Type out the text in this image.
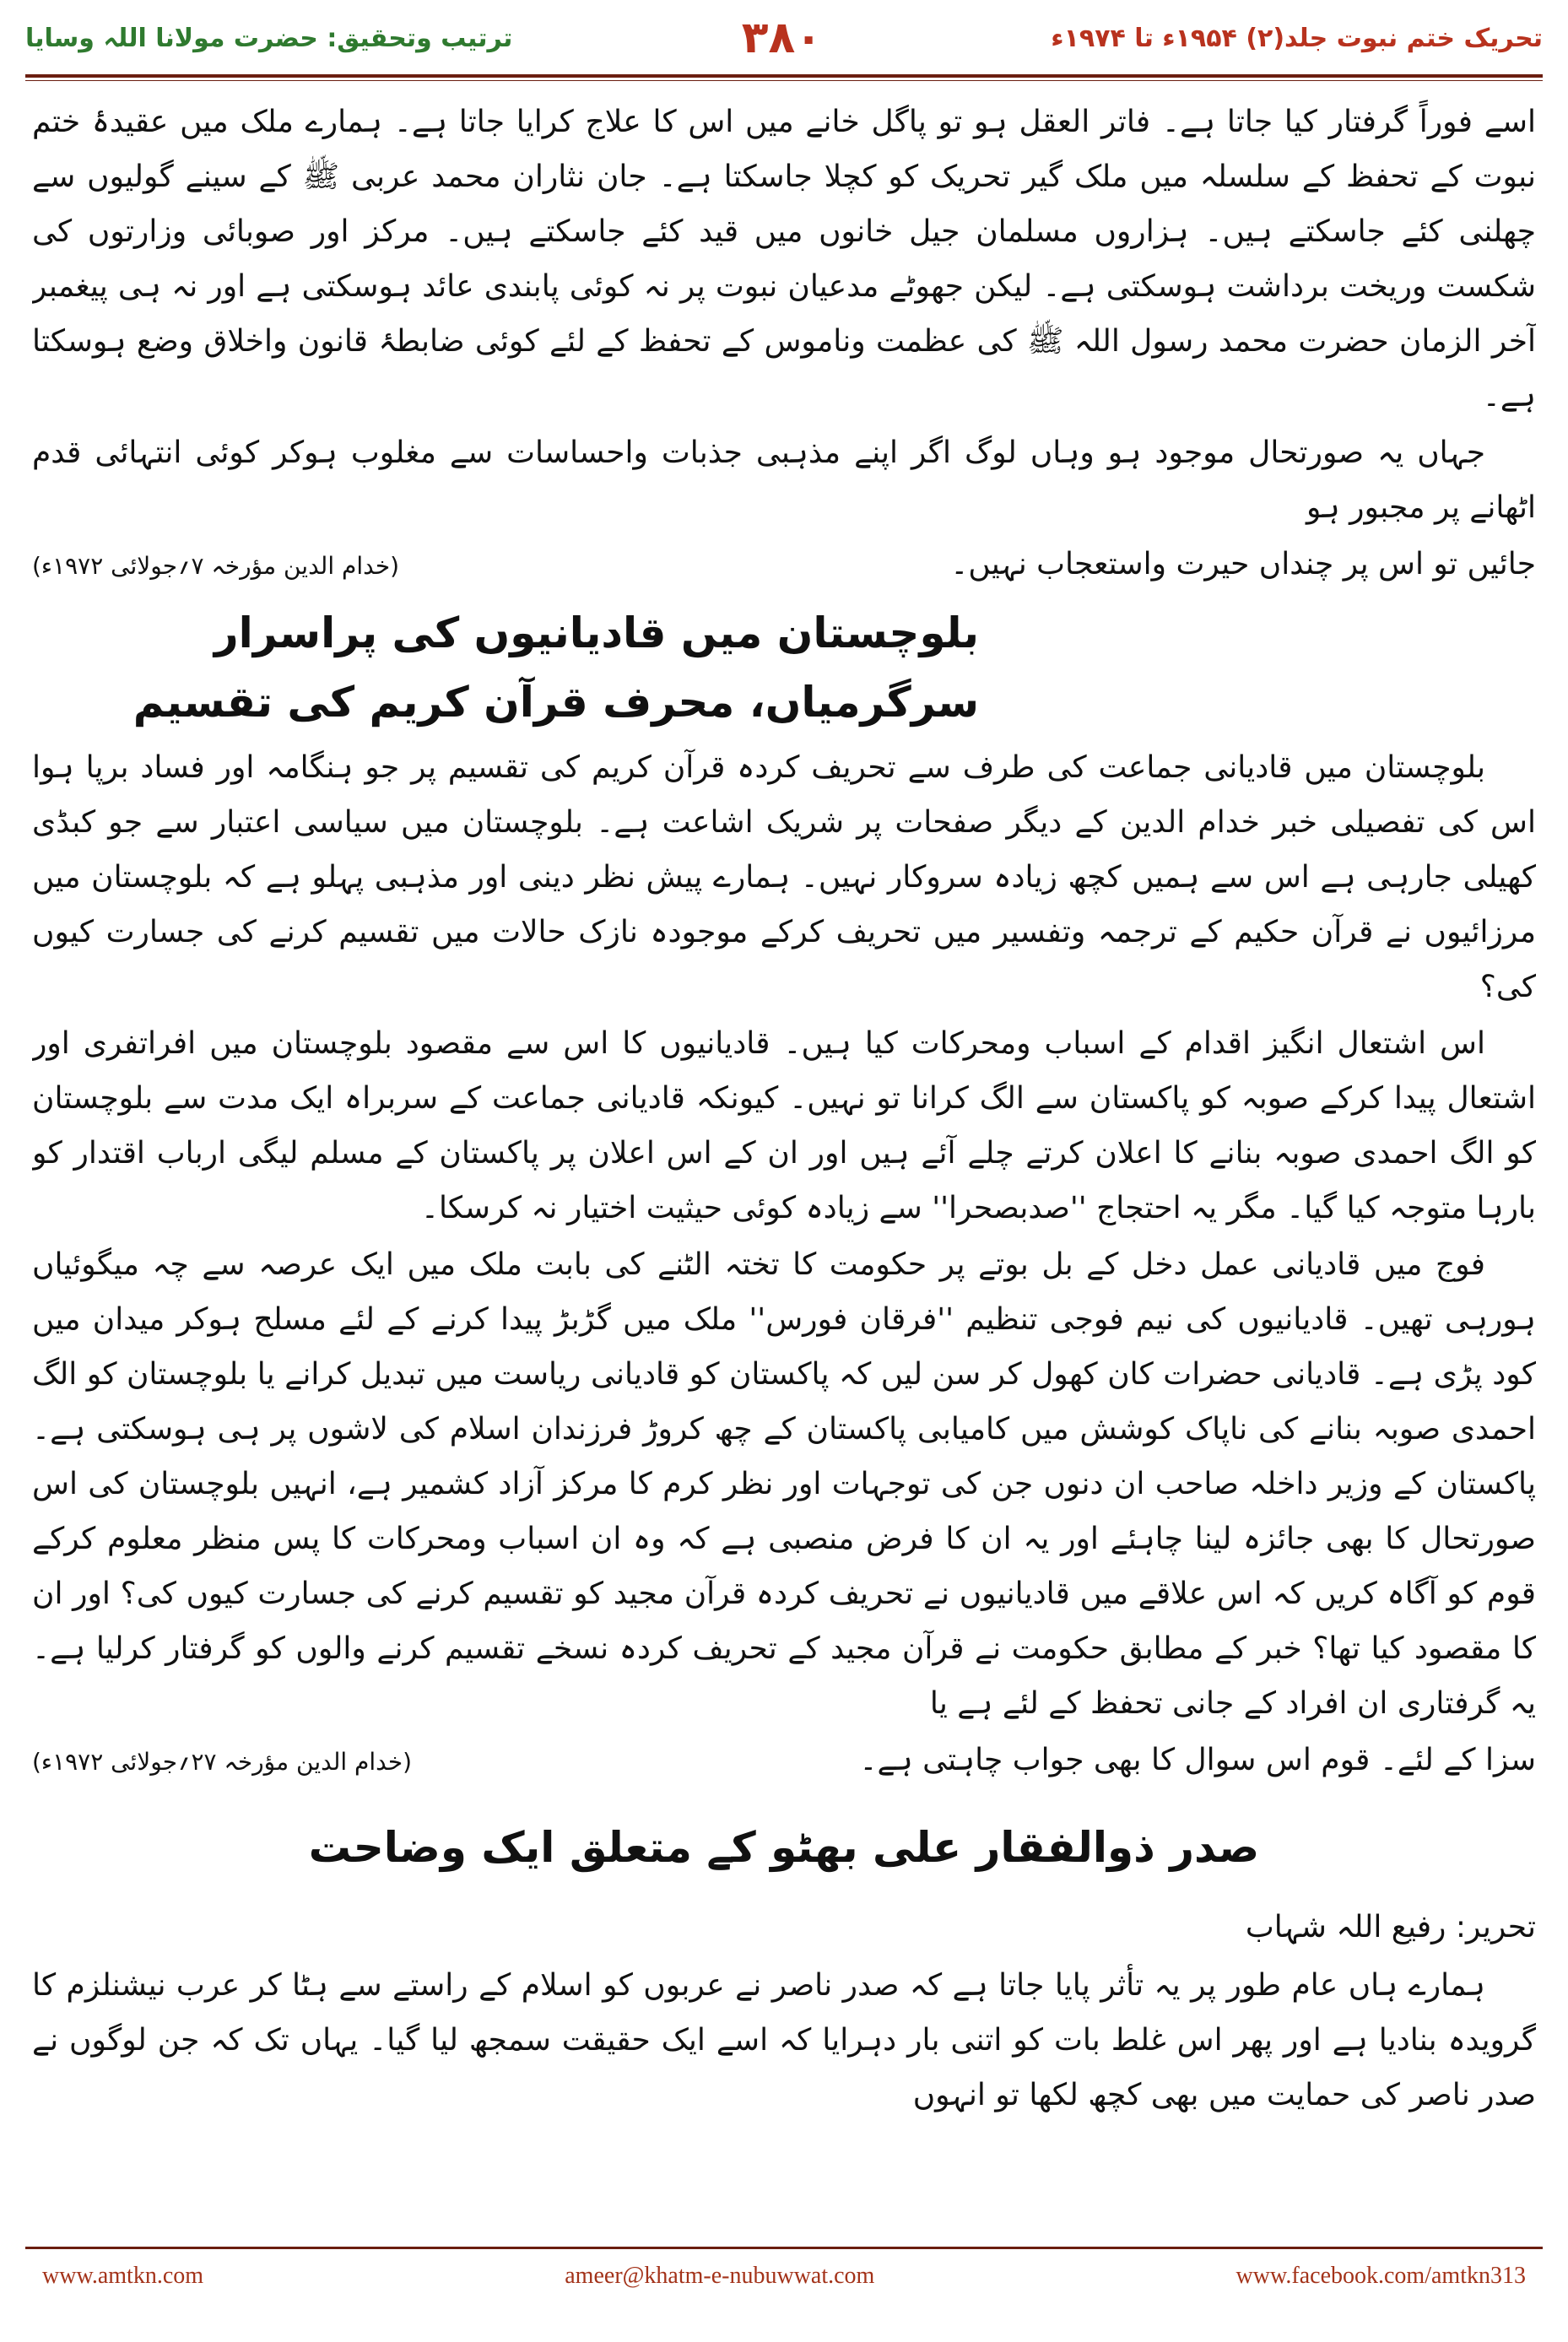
ترتیب وتحقیق: حضرت مولانا اللہ وسایا	۳۸۰	تحریک ختم نبوت جلد(۲) ۱۹۵۴ء تا ۱۹۷۴ء

اسے فوراً گرفتار کیا جاتا ہے۔ فاتر العقل ہو تو پاگل خانے میں اس کا علاج کرایا جاتا ہے۔ ہمارے ملک میں عقیدۂ ختم نبوت کے تحفظ کے سلسلہ میں ملک گیر تحریک کو کچلا جاسکتا ہے۔ جان نثاران محمد عربی ﷺ کے سینے گولیوں سے چھلنی کئے جاسکتے ہیں۔ ہزاروں مسلمان جیل خانوں میں قید کئے جاسکتے ہیں۔ مرکز اور صوبائی وزارتوں کی شکست وریخت برداشت ہوسکتی ہے۔ لیکن جھوٹے مدعیان نبوت پر نہ کوئی پابندی عائد ہوسکتی ہے اور نہ ہی پیغمبر آخر الزمان حضرت محمد رسول اللہ ﷺ کی عظمت وناموس کے تحفظ کے لئے کوئی ضابطۂ قانون واخلاق وضع ہوسکتا ہے۔

جہاں یہ صورتحال موجود ہو وہاں لوگ اگر اپنے مذہبی جذبات واحساسات سے مغلوب ہوکر کوئی انتہائی قدم اٹھانے پر مجبور ہو

جائیں تو اس پر چنداں حیرت واستعجاب نہیں۔
(خدام الدین مؤرخہ ۷؍جولائی ۱۹۷۲ء)
بلوچستان میں قادیانیوں کی پراسرار سرگرمیاں، محرف قرآن کریم کی تقسیم

بلوچستان میں قادیانی جماعت کی طرف سے تحریف کردہ قرآن کریم کی تقسیم پر جو ہنگامہ اور فساد برپا ہوا اس کی تفصیلی خبر خدام الدین کے دیگر صفحات پر شریک اشاعت ہے۔ بلوچستان میں سیاسی اعتبار سے جو کبڈی کھیلی جارہی ہے اس سے ہمیں کچھ زیادہ سروکار نہیں۔ ہمارے پیش نظر دینی اور مذہبی پہلو ہے کہ بلوچستان میں مرزائیوں نے قرآن حکیم کے ترجمہ وتفسیر میں تحریف کرکے موجودہ نازک حالات میں تقسیم کرنے کی جسارت کیوں کی؟

اس اشتعال انگیز اقدام کے اسباب ومحرکات کیا ہیں۔ قادیانیوں کا اس سے مقصود بلوچستان میں افراتفری اور اشتعال پیدا کرکے صوبہ کو پاکستان سے الگ کرانا تو نہیں۔ کیونکہ قادیانی جماعت کے سربراہ ایک مدت سے بلوچستان کو الگ احمدی صوبہ بنانے کا اعلان کرتے چلے آئے ہیں اور ان کے اس اعلان پر پاکستان کے مسلم لیگی ارباب اقتدار کو بارہا متوجہ کیا گیا۔ مگر یہ احتجاج ''صدبصحرا'' سے زیادہ کوئی حیثیت اختیار نہ کرسکا۔

فوج میں قادیانی عمل دخل کے بل بوتے پر حکومت کا تختہ الٹنے کی بابت ملک میں ایک عرصہ سے چہ میگوئیاں ہورہی تھیں۔ قادیانیوں کی نیم فوجی تنظیم ''فرقان فورس'' ملک میں گڑبڑ پیدا کرنے کے لئے مسلح ہوکر میدان میں کود پڑی ہے۔ قادیانی حضرات کان کھول کر سن لیں کہ پاکستان کو قادیانی ریاست میں تبدیل کرانے یا بلوچستان کو الگ احمدی صوبہ بنانے کی ناپاک کوشش میں کامیابی پاکستان کے چھ کروڑ فرزندان اسلام کی لاشوں پر ہی ہوسکتی ہے۔ پاکستان کے وزیر داخلہ صاحب ان دنوں جن کی توجہات اور نظر کرم کا مرکز آزاد کشمیر ہے، انہیں بلوچستان کی اس صورتحال کا بھی جائزہ لینا چاہئے اور یہ ان کا فرض منصبی ہے کہ وہ ان اسباب ومحرکات کا پس منظر معلوم کرکے قوم کو آگاہ کریں کہ اس علاقے میں قادیانیوں نے تحریف کردہ قرآن مجید کو تقسیم کرنے کی جسارت کیوں کی؟ اور ان کا مقصود کیا تھا؟ خبر کے مطابق حکومت نے قرآن مجید کے تحریف کردہ نسخے تقسیم کرنے والوں کو گرفتار کرلیا ہے۔ یہ گرفتاری ان افراد کے جانی تحفظ کے لئے ہے یا

سزا کے لئے۔ قوم اس سوال کا بھی جواب چاہتی ہے۔
(خدام الدین مؤرخہ ۲۷؍جولائی ۱۹۷۲ء)
صدر ذوالفقار علی بھٹو کے متعلق ایک وضاحت
تحریر: رفیع اللہ شہاب

ہمارے ہاں عام طور پر یہ تأثر پایا جاتا ہے کہ صدر ناصر نے عربوں کو اسلام کے راستے سے ہٹا کر عرب نیشنلزم کا گرویدہ بنادیا ہے اور پھر اس غلط بات کو اتنی بار دہرایا کہ اسے ایک حقیقت سمجھ لیا گیا۔ یہاں تک کہ جن لوگوں نے صدر ناصر کی حمایت میں بھی کچھ لکھا تو انہوں

www.amtkn.com	ameer@khatm-e-nubuwwat.com	www.facebook.com/amtkn313
